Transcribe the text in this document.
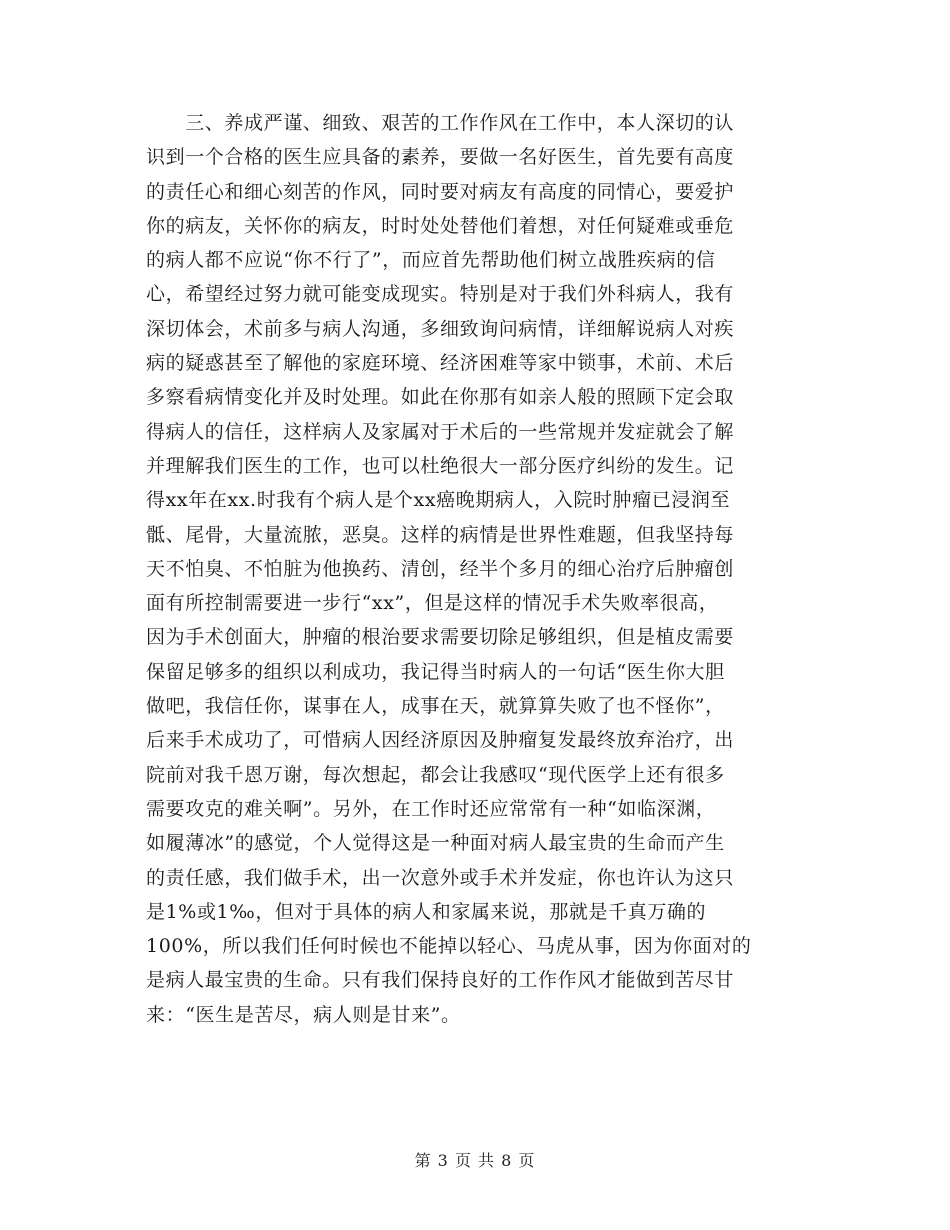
　　三、养成严谨、细致、艰苦的工作作风在工作中，本人深切的认
识到一个合格的医生应具备的素养，要做一名好医生，首先要有高度
的责任心和细心刻苦的作风，同时要对病友有高度的同情心，要爱护
你的病友，关怀你的病友，时时处处替他们着想，对任何疑难或垂危
的病人都不应说“你不行了”，而应首先帮助他们树立战胜疾病的信
心，希望经过努力就可能变成现实。特别是对于我们外科病人，我有
深切体会，术前多与病人沟通，多细致询问病情，详细解说病人对疾
病的疑惑甚至了解他的家庭环境、经济困难等家中锁事，术前、术后
多察看病情变化并及时处理。如此在你那有如亲人般的照顾下定会取
得病人的信任，这样病人及家属对于术后的一些常规并发症就会了解
并理解我们医生的工作，也可以杜绝很大一部分医疗纠纷的发生。记
得xx年在xx.时我有个病人是个xx癌晚期病人，入院时肿瘤已浸润至
骶、尾骨，大量流脓，恶臭。这样的病情是世界性难题，但我坚持每
天不怕臭、不怕脏为他换药、清创，经半个多月的细心治疗后肿瘤创
面有所控制需要进一步行“xx”，但是这样的情况手术失败率很高，
因为手术创面大，肿瘤的根治要求需要切除足够组织，但是植皮需要
保留足够多的组织以利成功，我记得当时病人的一句话“医生你大胆
做吧，我信任你，谋事在人，成事在天，就算算失败了也不怪你”，
后来手术成功了，可惜病人因经济原因及肿瘤复发最终放弃治疗，出
院前对我千恩万谢，每次想起，都会让我感叹“现代医学上还有很多
需要攻克的难关啊”。另外，在工作时还应常常有一种“如临深渊，
如履薄冰”的感觉，个人觉得这是一种面对病人最宝贵的生命而产生
的责任感，我们做手术，出一次意外或手术并发症，你也许认为这只
是1%或1‰，但对于具体的病人和家属来说，那就是千真万确的
100%，所以我们任何时候也不能掉以轻心、马虎从事，因为你面对的
是病人最宝贵的生命。只有我们保持良好的工作作风才能做到苦尽甘
来：“医生是苦尽，病人则是甘来”。
第 3 页 共 8 页
